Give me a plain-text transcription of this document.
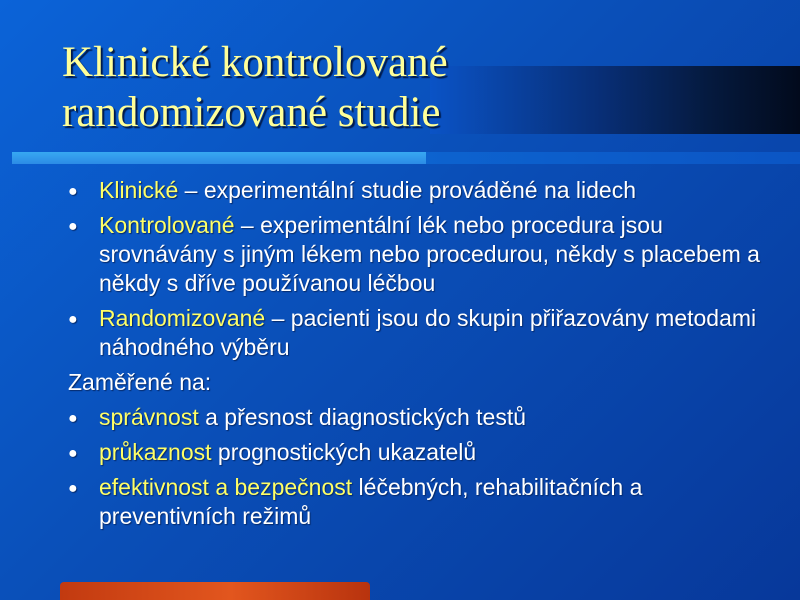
Klinické kontrolované
randomizované studie
● Klinické – experimentální studie prováděné na lidech
● Kontrolované – experimentální lék nebo procedura jsou srovnávány s jiným lékem nebo procedurou, někdy s placebem a někdy s dříve používanou léčbou
● Randomizované – pacienti jsou do skupin přiřazovány metodami náhodného výběru
Zaměřené na:
● správnost a přesnost diagnostických testů
● průkaznost prognostických ukazatelů
● efektivnost a bezpečnost léčebných, rehabilitačních a preventivních režimů
